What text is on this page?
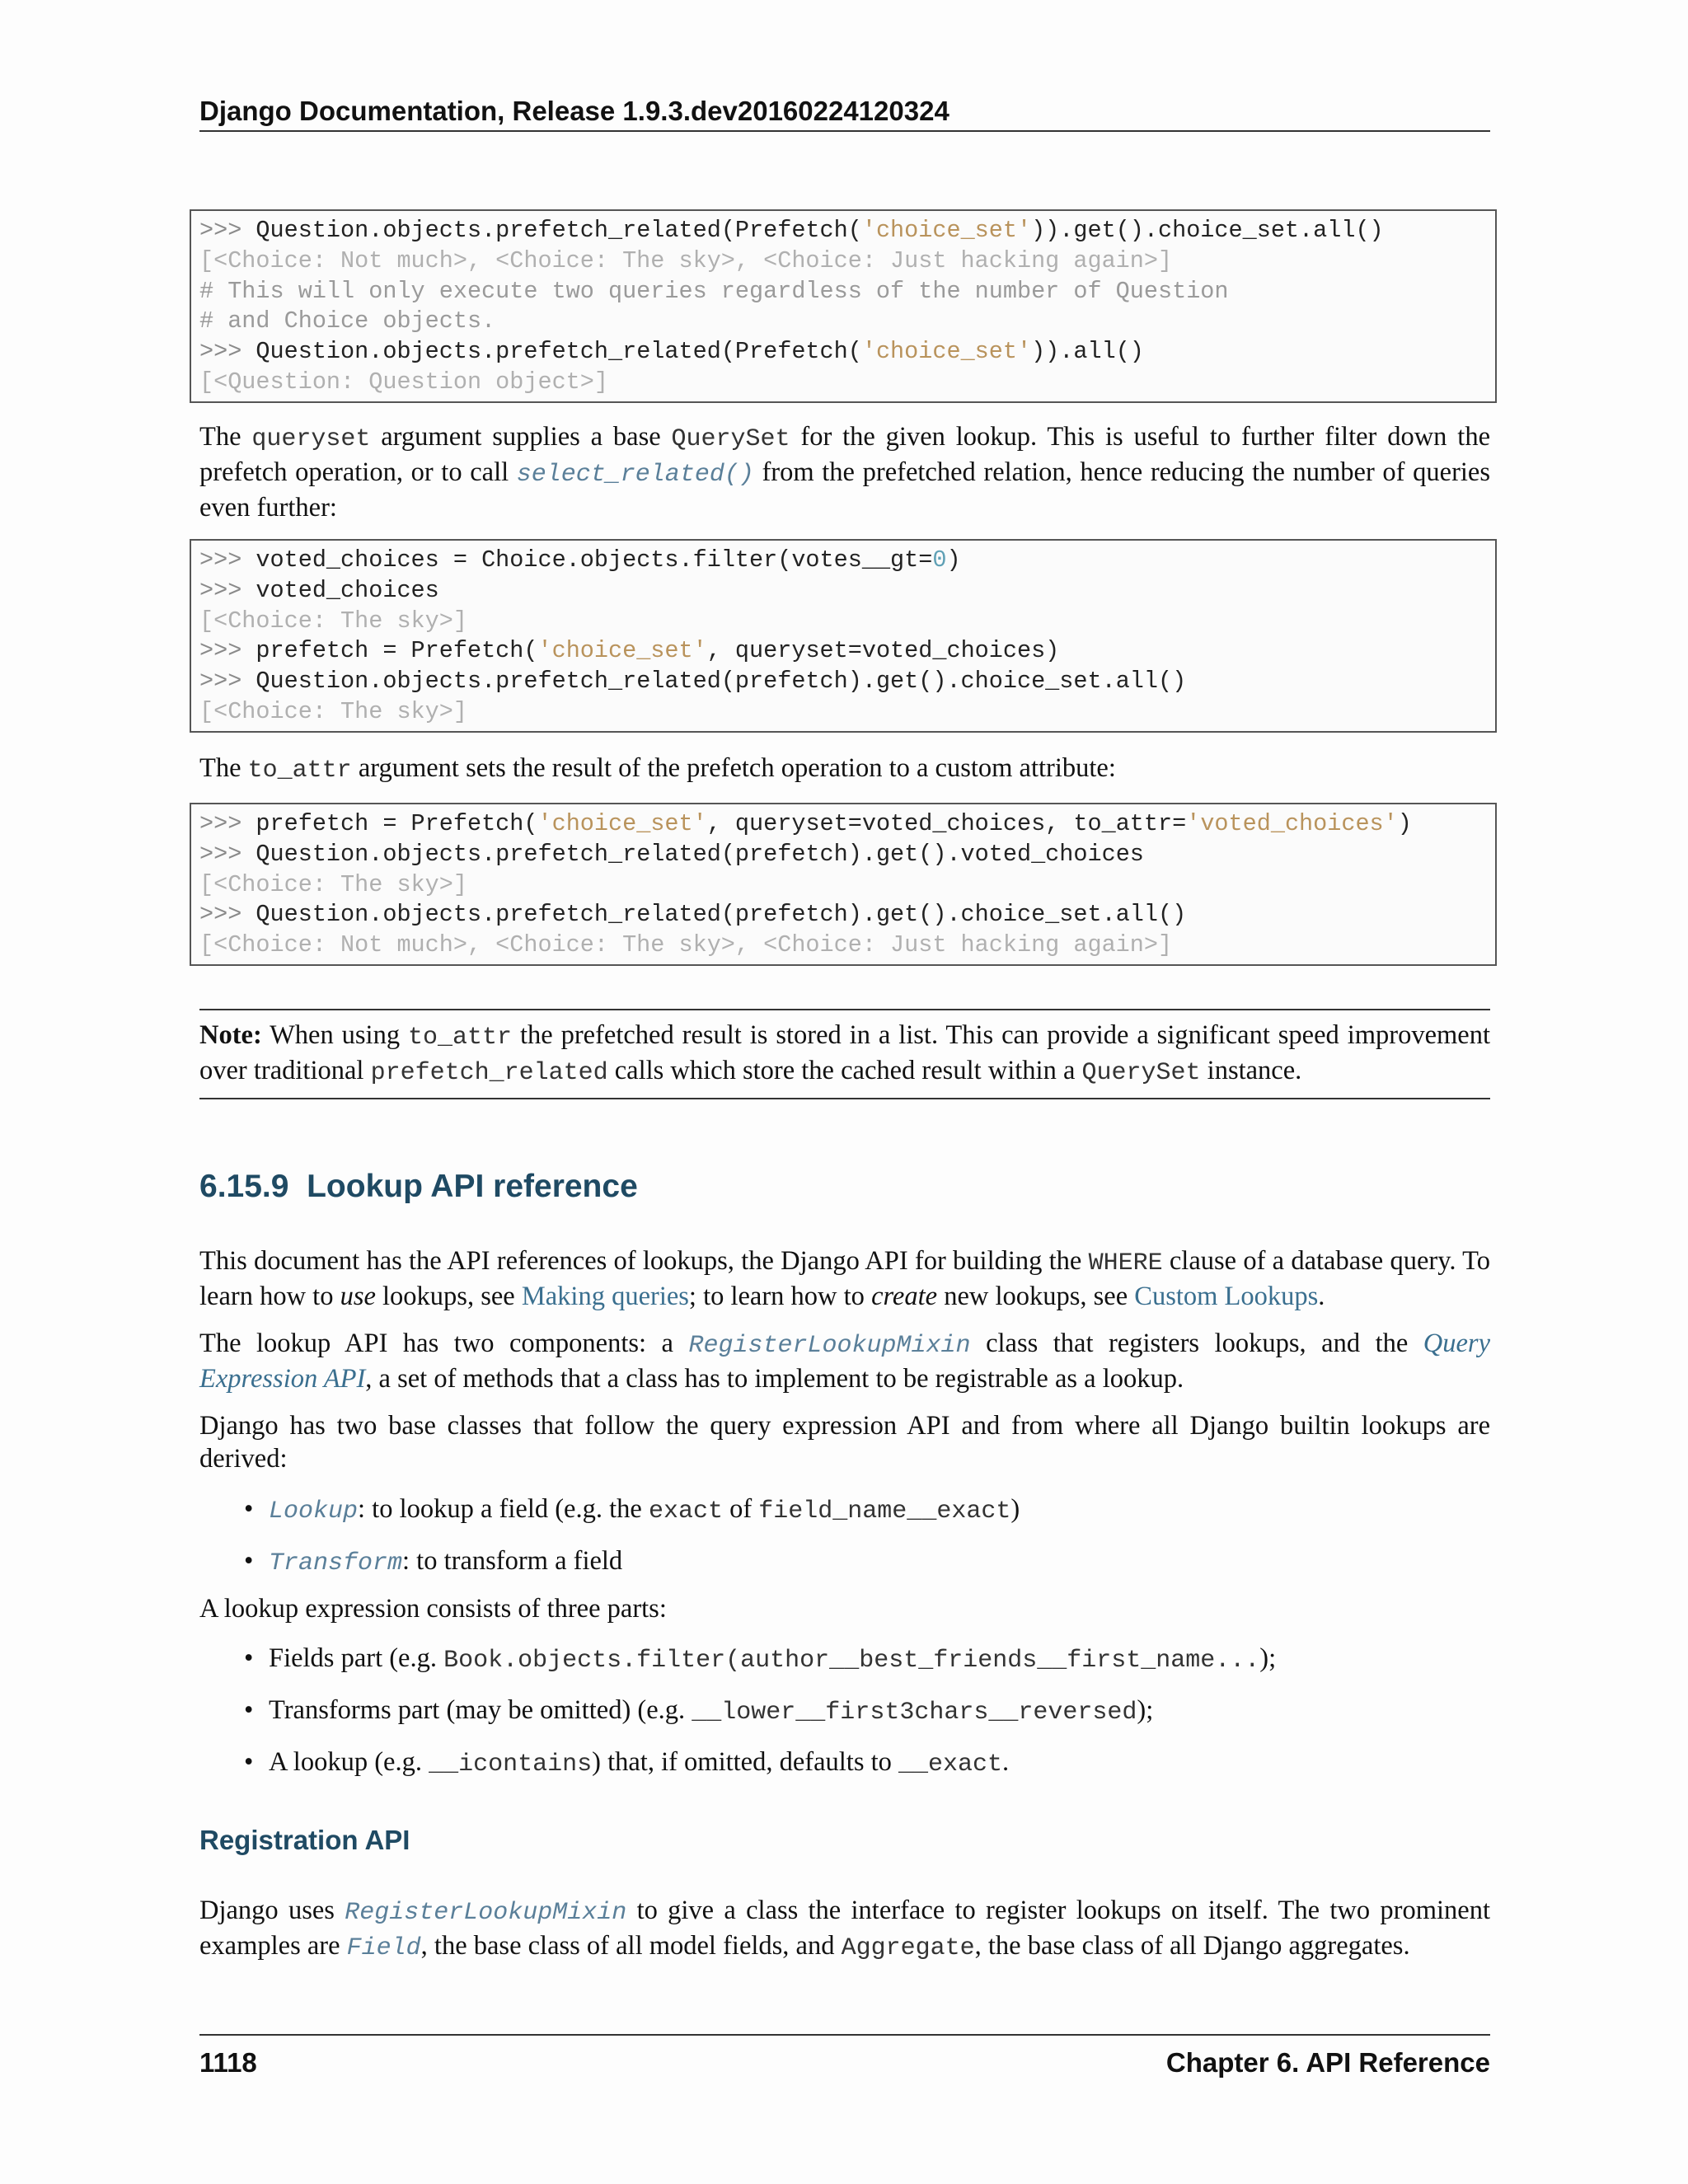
Django Documentation, Release 1.9.3.dev20160224120324
>>> Question.objects.prefetch_related(Prefetch('choice_set')).get().choice_set.all()
[<Choice: Not much>, <Choice: The sky>, <Choice: Just hacking again>]
# This will only execute two queries regardless of the number of Question
# and Choice objects.
>>> Question.objects.prefetch_related(Prefetch('choice_set')).all()
[<Question: Question object>]

The queryset argument supplies a base QuerySet for the given lookup. This is useful to further filter down the prefetch operation, or to call select_related() from the prefetched relation, hence reducing the number of queries even further:

>>> voted_choices = Choice.objects.filter(votes__gt=0)
>>> voted_choices
[<Choice: The sky>]
>>> prefetch = Prefetch('choice_set', queryset=voted_choices)
>>> Question.objects.prefetch_related(prefetch).get().choice_set.all()
[<Choice: The sky>]

The to_attr argument sets the result of the prefetch operation to a custom attribute:

>>> prefetch = Prefetch('choice_set', queryset=voted_choices, to_attr='voted_choices')
>>> Question.objects.prefetch_related(prefetch).get().voted_choices
[<Choice: The sky>]
>>> Question.objects.prefetch_related(prefetch).get().choice_set.all()
[<Choice: Not much>, <Choice: The sky>, <Choice: Just hacking again>]

Note: When using to_attr the prefetched result is stored in a list. This can provide a significant speed improvement over traditional prefetch_related calls which store the cached result within a QuerySet instance.

6.15.9 Lookup API reference

This document has the API references of lookups, the Django API for building the WHERE clause of a database query. To learn how to use lookups, see Making queries; to learn how to create new lookups, see Custom Lookups.

The lookup API has two components: a RegisterLookupMixin class that registers lookups, and the Query Expression API, a set of methods that a class has to implement to be registrable as a lookup.

Django has two base classes that follow the query expression API and from where all Django builtin lookups are derived:

• Lookup: to lookup a field (e.g. the exact of field_name__exact)
• Transform: to transform a field

A lookup expression consists of three parts:

• Fields part (e.g. Book.objects.filter(author__best_friends__first_name...);
• Transforms part (may be omitted) (e.g. __lower__first3chars__reversed);
• A lookup (e.g. __icontains) that, if omitted, defaults to __exact.
Registration API

Django uses RegisterLookupMixin to give a class the interface to register lookups on itself. The two prominent examples are Field, the base class of all model fields, and Aggregate, the base class of all Django aggregates.

1118	Chapter 6. API Reference
